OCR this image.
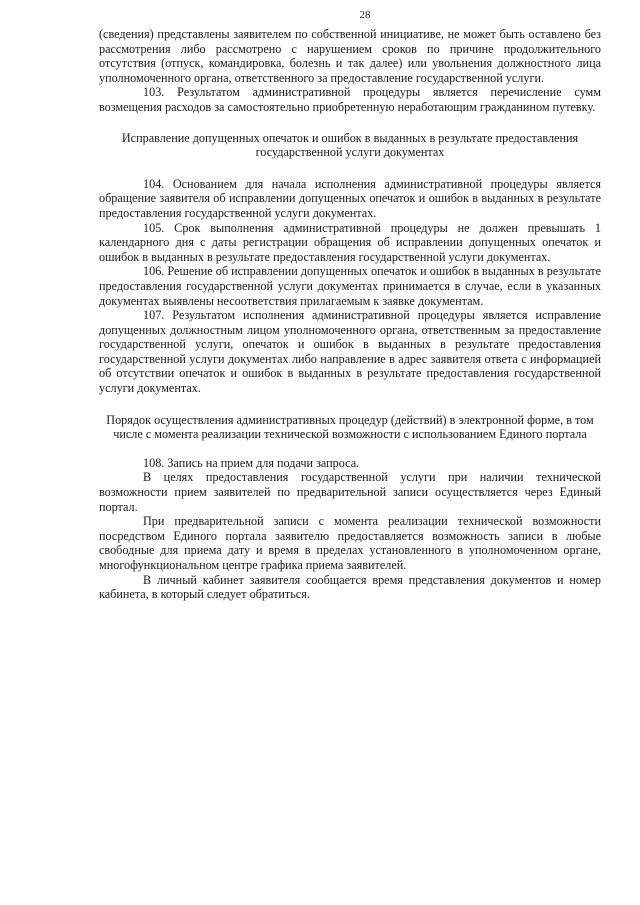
28

(сведения) представлены заявителем по собственной инициативе, не может быть оставлено без рассмотрения либо рассмотрено с нарушением сроков по причине продолжительного отсутствия (отпуск, командировка, болезнь и так далее) или увольнения должностного лица уполномоченного органа, ответственного за предоставление государственной услуги.

103. Результатом административной процедуры является перечисление сумм возмещения расходов за самостоятельно приобретенную неработающим гражданином путевку.

Исправление допущенных опечаток и ошибок в выданных в результате предоставления государственной услуги документах

104. Основанием для начала исполнения административной процедуры является обращение заявителя об исправлении допущенных опечаток и ошибок в выданных в результате предоставления государственной услуги документах.

105. Срок выполнения административной процедуры не должен превышать 1 календарного дня с даты регистрации обращения об исправлении допущенных опечаток и ошибок в выданных в результате предоставления государственной услуги документах.

106. Решение об исправлении допущенных опечаток и ошибок в выданных в результате предоставления государственной услуги документах принимается в случае, если в указанных документах выявлены несоответствия прилагаемым к заявке документам.

107. Результатом исполнения административной процедуры является исправление допущенных должностным лицом уполномоченного органа, ответственным за предоставление государственной услуги, опечаток и ошибок в выданных в результате предоставления государственной услуги документах либо направление в адрес заявителя ответа с информацией об отсутствии опечаток и ошибок в выданных в результате предоставления государственной услуги документах.

Порядок осуществления административных процедур (действий) в электронной форме, в том числе с момента реализации технической возможности с использованием Единого портала

108. Запись на прием для подачи запроса.

В целях предоставления государственной услуги при наличии технической возможности прием заявителей по предварительной записи осуществляется через Единый портал.

При предварительной записи с момента реализации технической возможности посредством Единого портала заявителю предоставляется возможность записи в любые свободные для приема дату и время в пределах установленного в уполномоченном органе, многофункциональном центре графика приема заявителей.

В личный кабинет заявителя сообщается время представления документов и номер кабинета, в который следует обратиться.
